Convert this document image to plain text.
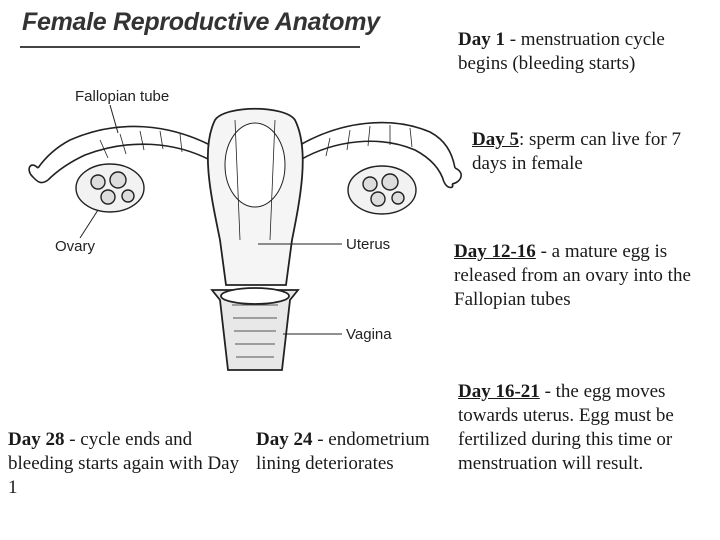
Female Reproductive Anatomy
Fallopian tube
Ovary	Uterus
Vagina
Day 1 - menstruation cycle begins (bleeding starts)
Day 5: sperm can live for 7 days in female
Day 12-16 - a mature egg is released from an ovary into the Fallopian tubes
Day 16-21 - the egg moves towards uterus. Egg must be fertilized during this time or menstruation will result.
Day 28 - cycle ends and bleeding starts again with Day 1
Day 24 - endometrium lining deteriorates
